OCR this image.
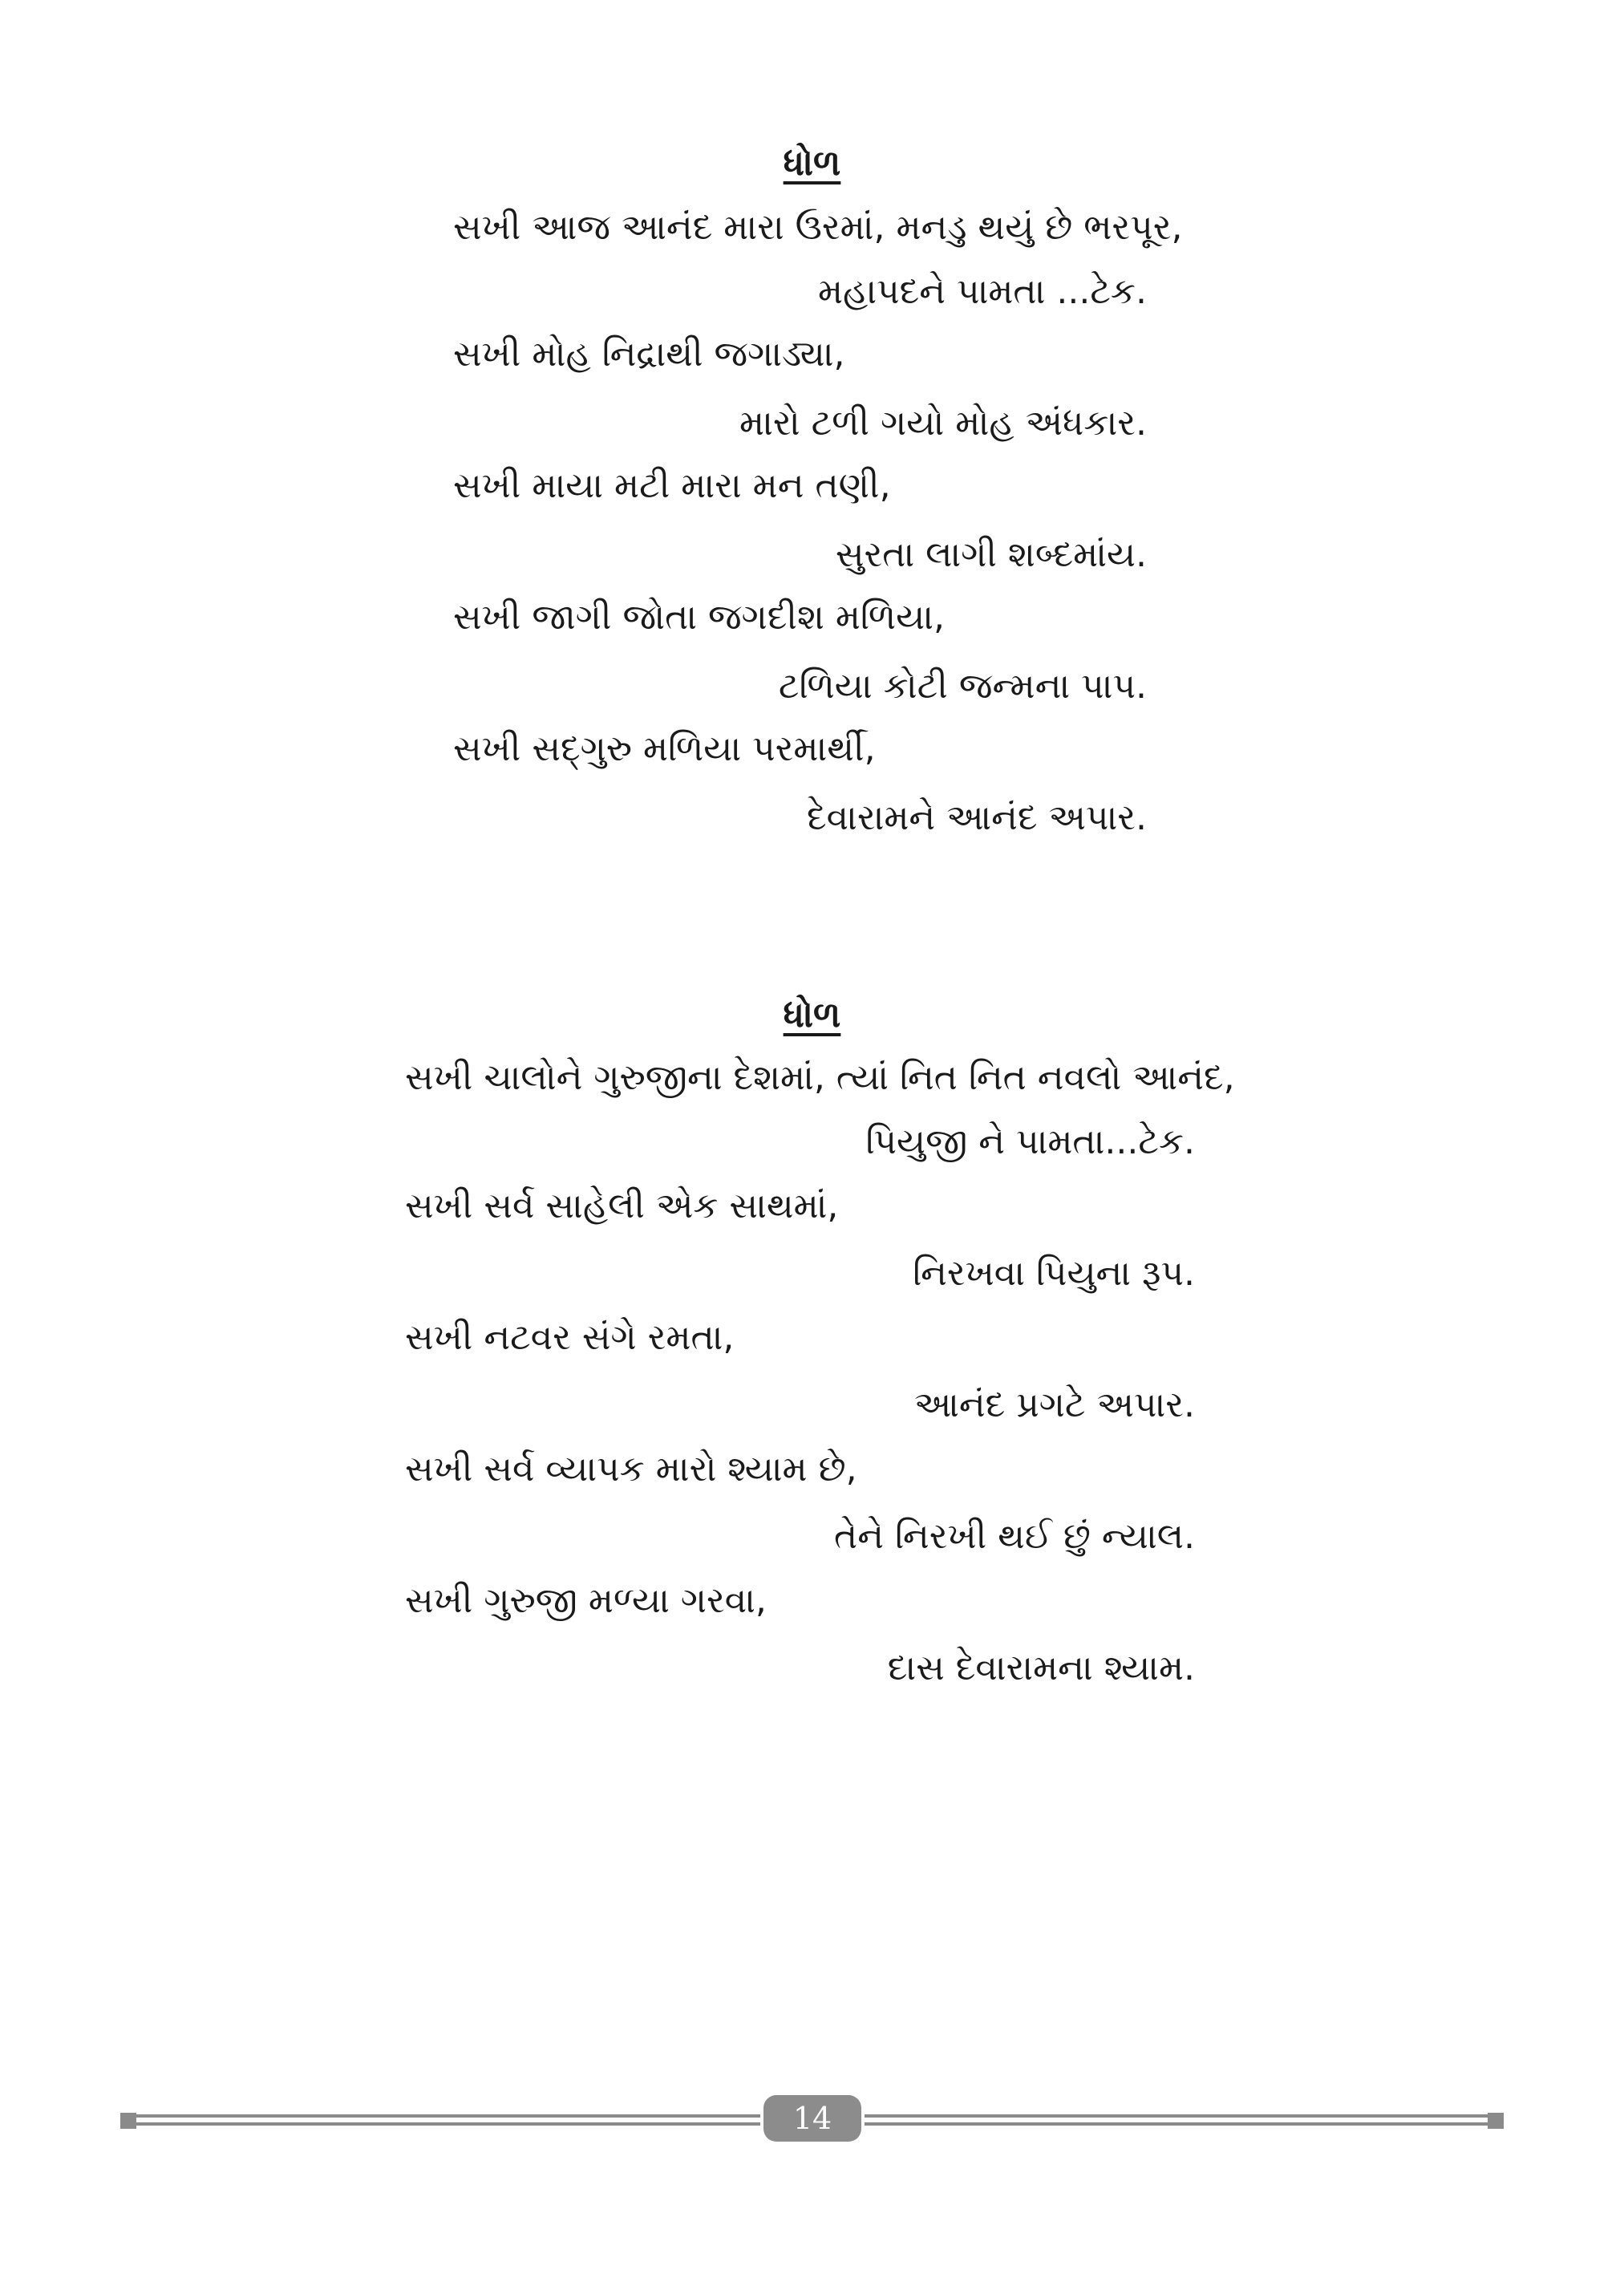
ધોળ
સખી આજ આનંદ મારા ઉરમાં, મનડુ થયું છે ભરપૂર,
મહાપદને પામતા ...ટેક.
સખી મોહ નિદ્રાથી જગાડ્યા,
મારો ટળી ગયો મોહ અંધકાર.
સખી માયા મટી મારા મન તણી,
સુરતા લાગી શબ્દમાંય.
સખી જાગી જોતા જગદીશ મળિયા,
ટળિયા કોટી જન્મના પાપ.
સખી સદ્‌ગુરુ મળિયા પરમાર્થી,
દેવારામને આનંદ અપાર.
ધોળ
સખી ચાલોને ગુરુજીના દેશમાં, ત્યાં નિત નિત નવલો આનંદ,
પિયુજી ને પામતા...ટેક.
સખી સર્વ સાહેલી એક સાથમાં,
નિરખવા પિયુના રૂપ.
સખી નટવર સંગે રમતા,
આનંદ પ્રગટે અપાર.
સખી સર્વ વ્યાપક મારો શ્યામ છે,
તેને નિરખી થઈ છું ન્યાલ.
સખી ગુરુજી મળ્યા ગરવા,
દાસ દેવારામના શ્યામ.
14
